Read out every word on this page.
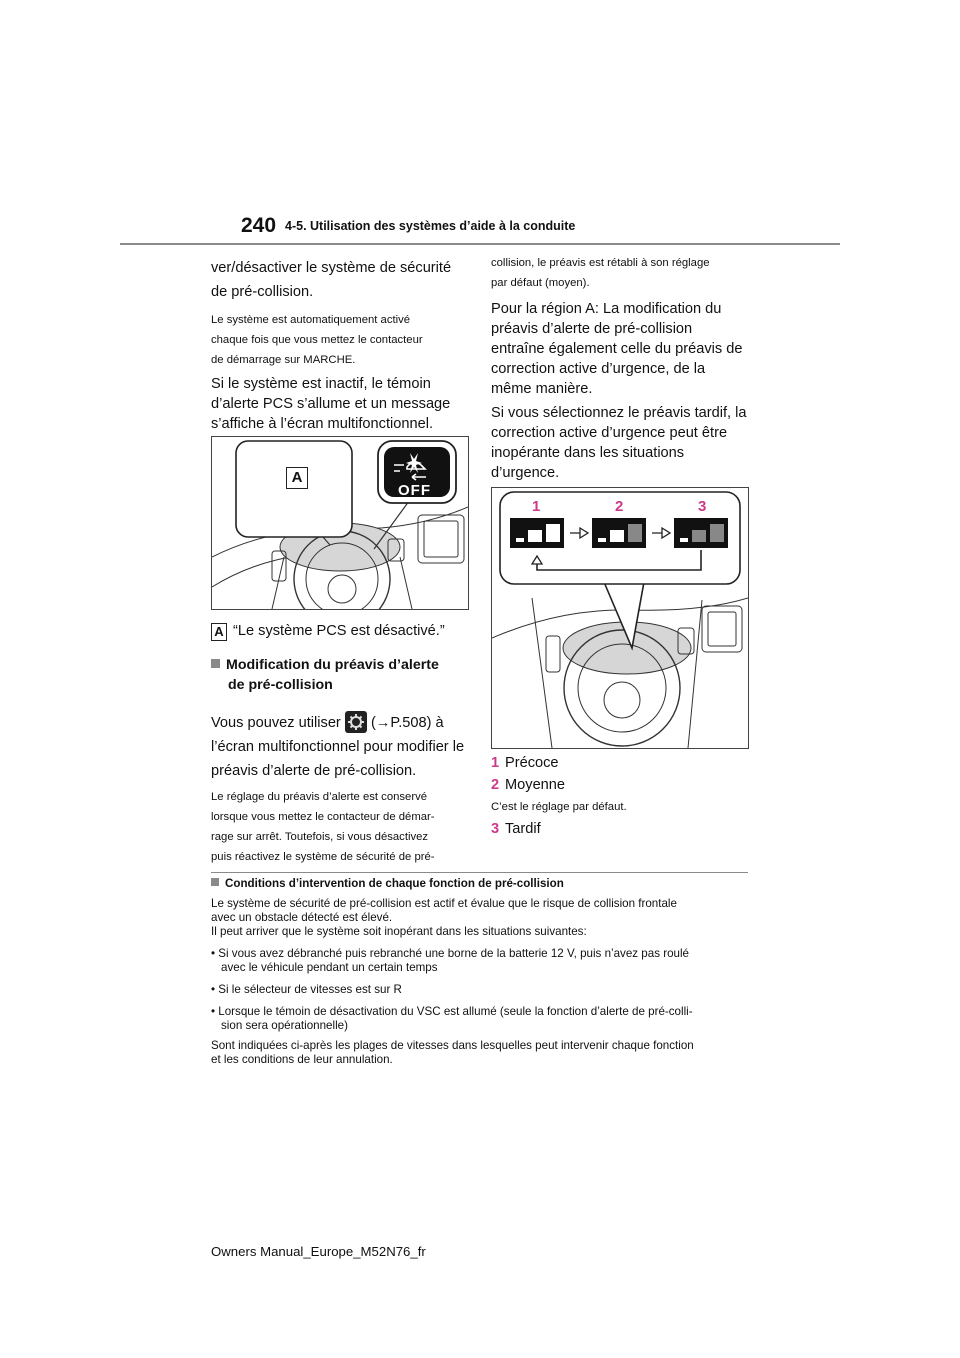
240 4-5. Utilisation des systèmes d’aide à la conduite

ver/désactiver le système de sécurité

de pré-collision.

Le système est automatiquement activé

chaque fois que vous mettez le contacteur

de démarrage sur MARCHE.

Si le système est inactif, le témoin

d’alerte PCS s’allume et un message

s’affiche à l’écran multifonctionnel.

A
OFF

A “Le système PCS est désactivé.”

Modification du préavis d’alerte

de pré-collision

Vous pouvez utiliser (→P.508) à

l’écran multifonctionnel pour modifier le

préavis d’alerte de pré-collision.

Le réglage du préavis d’alerte est conservé

lorsque vous mettez le contacteur de démar-

rage sur arrêt. Toutefois, si vous désactivez

puis réactivez le système de sécurité de pré-

collision, le préavis est rétabli à son réglage

par défaut (moyen).

Pour la région A: La modification du

préavis d’alerte de pré-collision

entraîne également celle du préavis de

correction active d’urgence, de la

même manière.

Si vous sélectionnez le préavis tardif, la

correction active d’urgence peut être

inopérante dans les situations

d’urgence.

1	2	3

1 Précoce

2 Moyenne

C’est le réglage par défaut.

3 Tardif

Conditions d’intervention de chaque fonction de pré-collision

Le système de sécurité de pré-collision est actif et évalue que le risque de collision frontale

avec un obstacle détecté est élevé.

Il peut arriver que le système soit inopérant dans les situations suivantes:

• Si vous avez débranché puis rebranché une borne de la batterie 12 V, puis n’avez pas roulé

avec le véhicule pendant un certain temps

• Si le sélecteur de vitesses est sur R

• Lorsque le témoin de désactivation du VSC est allumé (seule la fonction d’alerte de pré-colli-

sion sera opérationnelle)

Sont indiquées ci-après les plages de vitesses dans lesquelles peut intervenir chaque fonction

et les conditions de leur annulation.

Owners Manual_Europe_M52N76_fr
